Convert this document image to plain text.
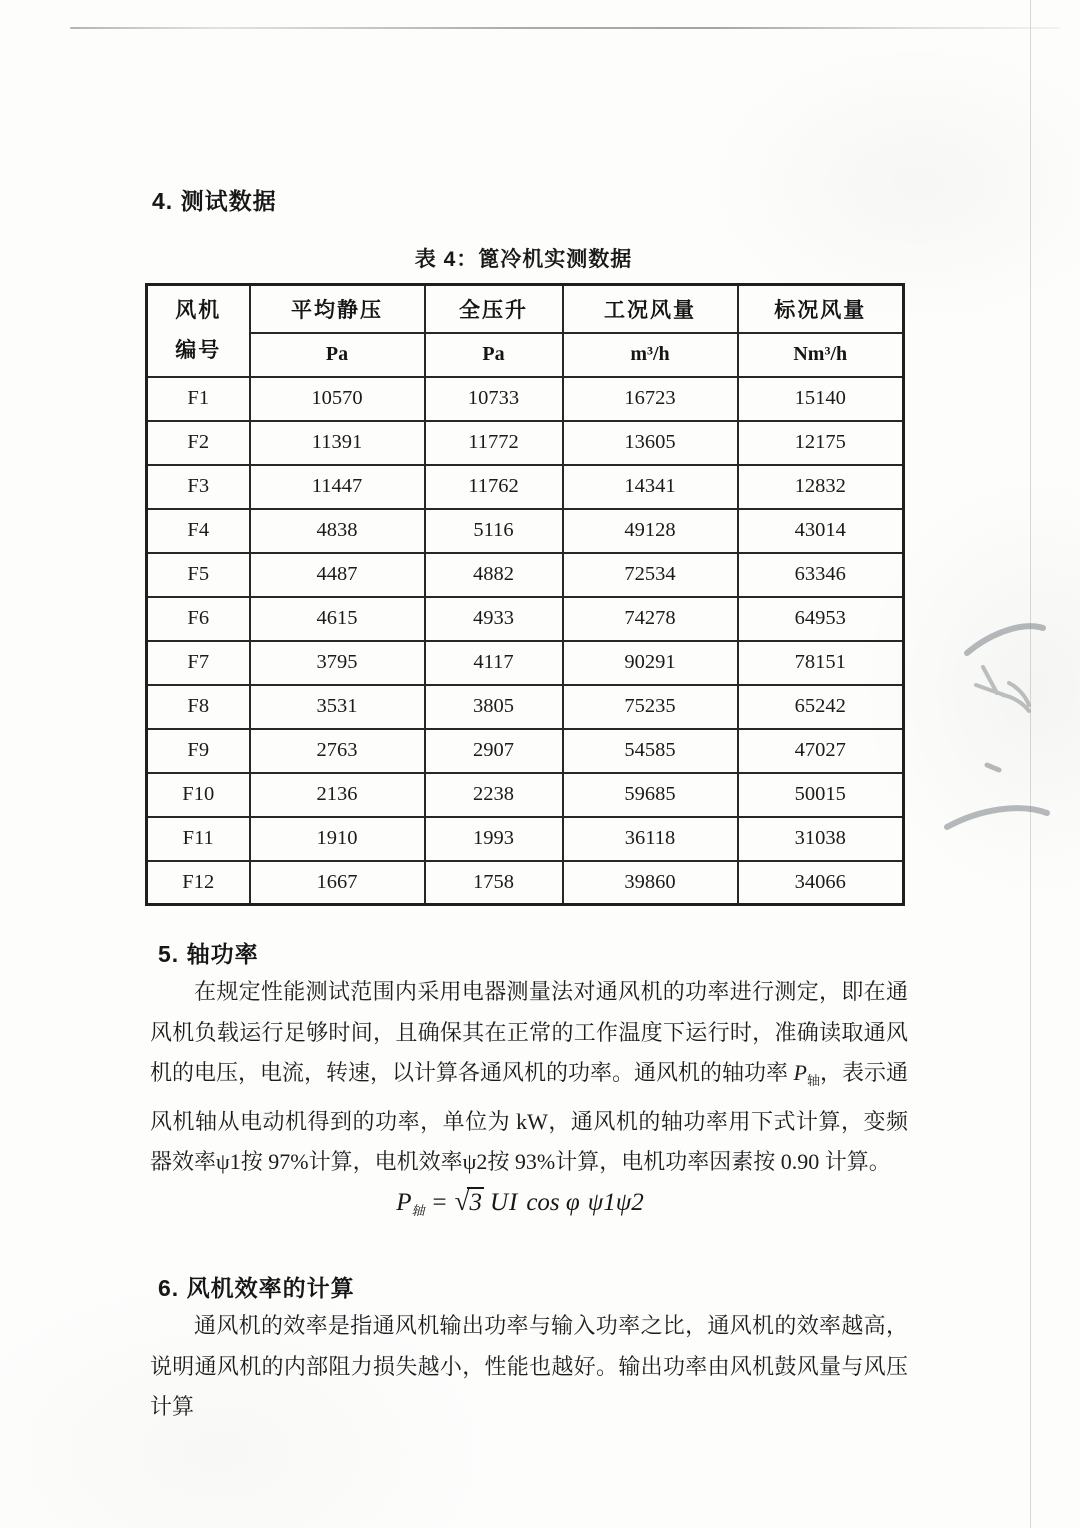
4. 测试数据
表 4：篦冷机实测数据
风机
编号	平均静压	全压升	工况风量	标况风量
	Pa	Pa	m³/h	Nm³/h
F1	10570	10733	16723	15140
F2	11391	11772	13605	12175
F3	11447	11762	14341	12832
F4	4838	5116	49128	43014
F5	4487	4882	72534	63346
F6	4615	4933	74278	64953
F7	3795	4117	90291	78151
F8	3531	3805	75235	65242
F9	2763	2907	54585	47027
F10	2136	2238	59685	50015
F11	1910	1993	36118	31038
F12	1667	1758	39860	34066
5. 轴功率

在规定性能测试范围内采用电器测量法对通风机的功率进行测定，即在通风机负载运行足够时间，且确保其在正常的工作温度下运行时，准确读取通风机的电压，电流，转速，以计算各通风机的功率。通风机的轴功率 $P_轴$，表示通风机轴从电动机得到的功率，单位为 kW，通风机的轴功率用下式计算，变频器效率ψ1按 97%计算，电机效率ψ2按 93%计算，电机功率因素按 0.90 计算。

$P_轴 = √3$ UI cos φ ψ1ψ2
6. 风机效率的计算

通风机的效率是指通风机输出功率与输入功率之比，通风机的效率越高，说明通风机的内部阻力损失越小，性能也越好。输出功率由风机鼓风量与风压计算
